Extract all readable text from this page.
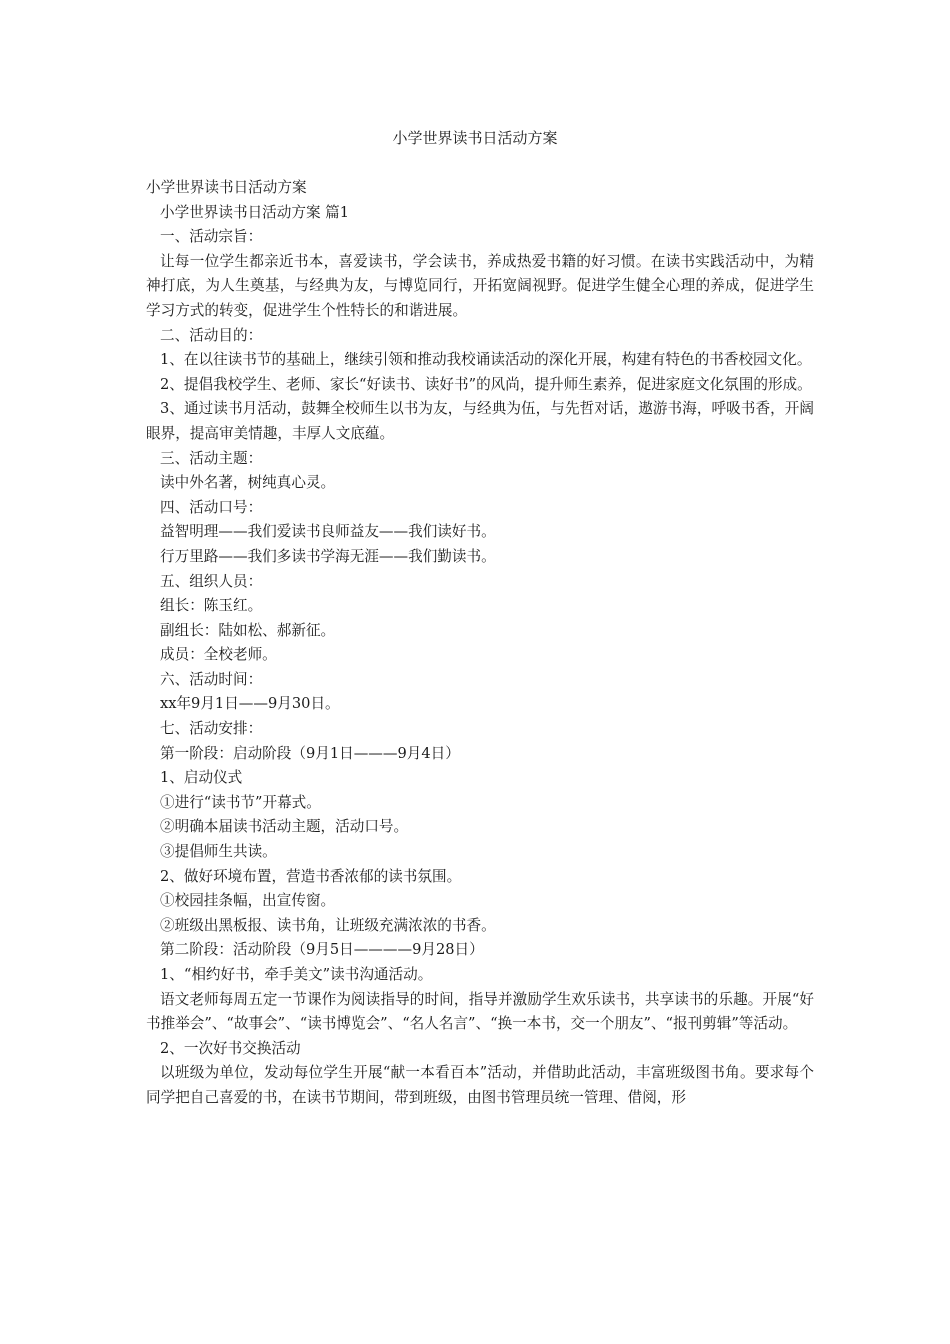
小学世界读书日活动方案

小学世界读书日活动方案

小学世界读书日活动方案 篇1

一、活动宗旨：

让每一位学生都亲近书本，喜爱读书，学会读书，养成热爱书籍的好习惯。在读书实践活动中，为精神打底，为人生奠基，与经典为友，与博览同行，开拓宽阔视野。促进学生健全心理的养成，促进学生学习方式的转变，促进学生个性特长的和谐进展。

二、活动目的：

1、在以往读书节的基础上，继续引领和推动我校诵读活动的深化开展，构建有特色的书香校园文化。

2、提倡我校学生、老师、家长“好读书、读好书”的风尚，提升师生素养，促进家庭文化氛围的形成。

3、通过读书月活动，鼓舞全校师生以书为友，与经典为伍，与先哲对话，遨游书海，呼吸书香，开阔眼界，提高审美情趣，丰厚人文底蕴。

三、活动主题：

读中外名著，树纯真心灵。

四、活动口号：

益智明理——我们爱读书良师益友——我们读好书。

行万里路——我们多读书学海无涯——我们勤读书。

五、组织人员：

组长：陈玉红。

副组长：陆如松、郝新征。

成员：全校老师。

六、活动时间：

xx年9月1日——9月30日。

七、活动安排：

第一阶段：启动阶段（9月1日———9月4日）

1、启动仪式

①进行“读书节”开幕式。

②明确本届读书活动主题，活动口号。

③提倡师生共读。

2、做好环境布置，营造书香浓郁的读书氛围。

①校园挂条幅，出宣传窗。

②班级出黑板报、读书角，让班级充满浓浓的书香。

第二阶段：活动阶段（9月5日————9月28日）

1、“相约好书，牵手美文”读书沟通活动。

语文老师每周五定一节课作为阅读指导的时间，指导并激励学生欢乐读书，共享读书的乐趣。开展“好书推举会”、“故事会”、“读书博览会”、“名人名言”、“换一本书，交一个朋友”、“报刊剪辑”等活动。

2、一次好书交换活动

以班级为单位，发动每位学生开展“献一本看百本”活动，并借助此活动，丰富班级图书角。要求每个同学把自己喜爱的书，在读书节期间，带到班级，由图书管理员统一管理、借阅，形
